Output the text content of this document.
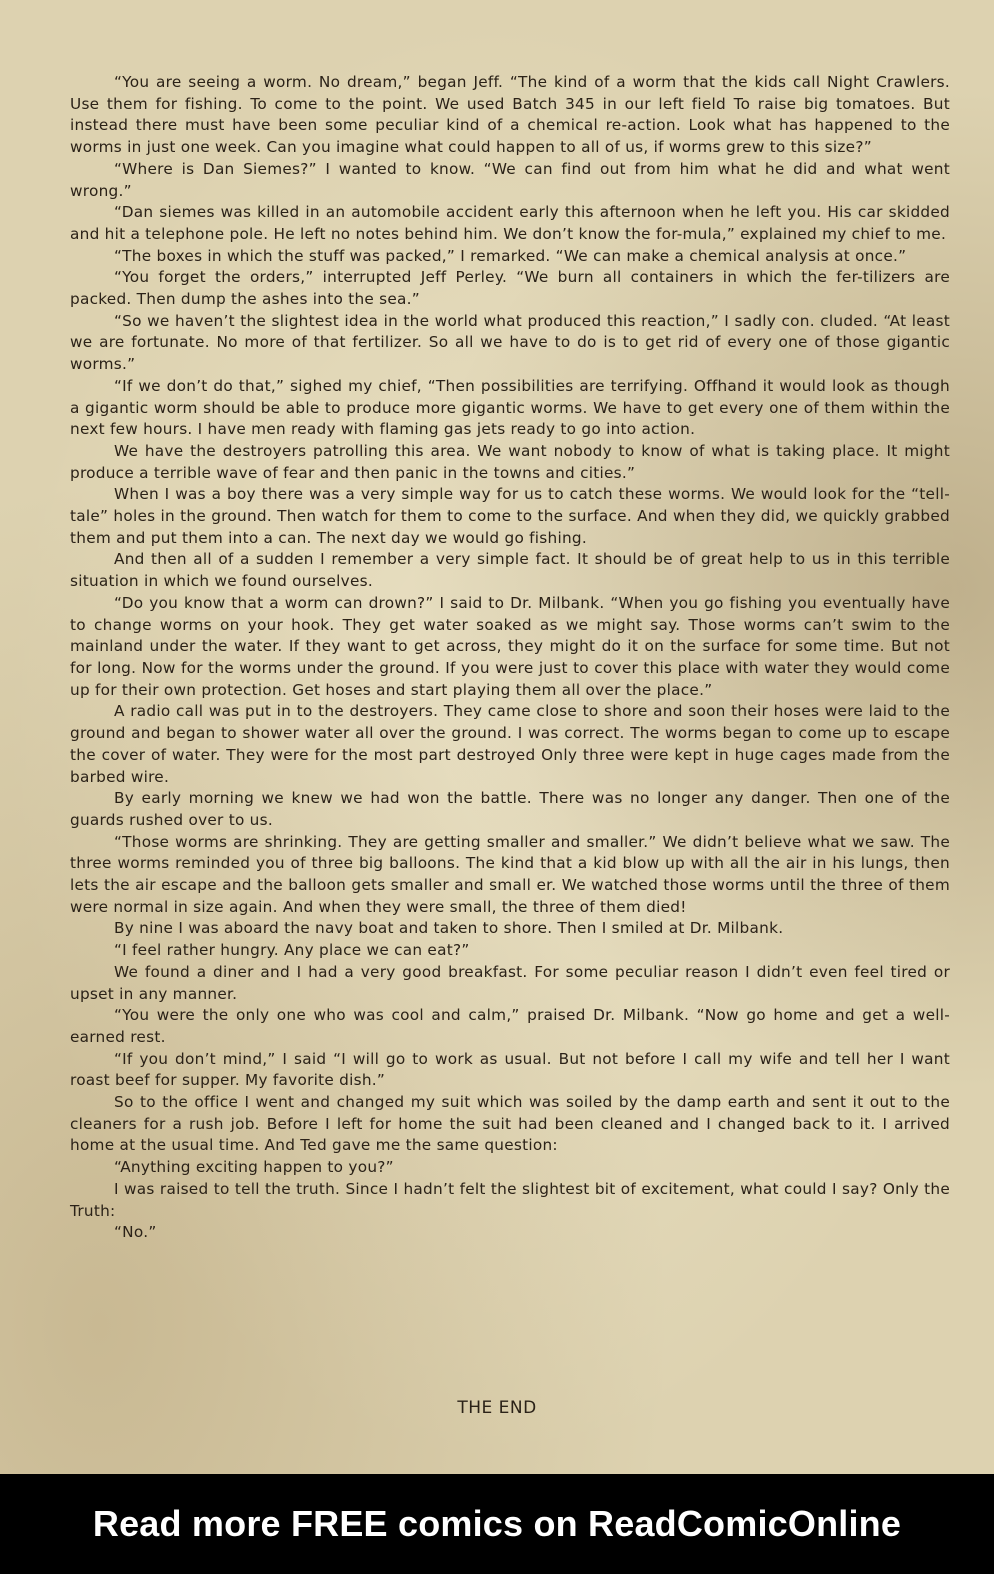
“You are seeing a worm. No dream,” began Jeff. “The kind of a worm that the kids call Night Crawlers. Use them for fishing. To come to the point. We used Batch 345 in our left field To raise big tomatoes. But instead there must have been some peculiar kind of a chemical re-action. Look what has happened to the worms in just one week. Can you imagine what could happen to all of us, if worms grew to this size?”

“Where is Dan Siemes?” I wanted to know. “We can find out from him what he did and what went wrong.”

“Dan siemes was killed in an automobile accident early this afternoon when he left you. His car skidded and hit a telephone pole. He left no notes behind him. We don’t know the for-mula,” explained my chief to me.

“The boxes in which the stuff was packed,” I remarked. “We can make a chemical analysis at once.”

“You forget the orders,” interrupted Jeff Perley. “We burn all containers in which the fer-tilizers are packed. Then dump the ashes into the sea.”

“So we haven’t the slightest idea in the world what produced this reaction,” I sadly con. cluded. “At least we are fortunate. No more of that fertilizer. So all we have to do is to get rid of every one of those gigantic worms.”

“If we don’t do that,” sighed my chief, “Then possibilities are terrifying. Offhand it would look as though a gigantic worm should be able to produce more gigantic worms. We have to get every one of them within the next few hours. I have men ready with flaming gas jets ready to go into action.

We have the destroyers patrolling this area. We want nobody to know of what is taking place. It might produce a terrible wave of fear and then panic in the towns and cities.”

When I was a boy there was a very simple way for us to catch these worms. We would look for the “tell-tale” holes in the ground. Then watch for them to come to the surface. And when they did, we quickly grabbed them and put them into a can. The next day we would go fishing.

And then all of a sudden I remember a very simple fact. It should be of great help to us in this terrible situation in which we found ourselves.

“Do you know that a worm can drown?” I said to Dr. Milbank. “When you go fishing you eventually have to change worms on your hook. They get water soaked as we might say. Those worms can’t swim to the mainland under the water. If they want to get across, they might do it on the surface for some time. But not for long. Now for the worms under the ground. If you were just to cover this place with water they would come up for their own protection. Get hoses and start playing them all over the place.”

A radio call was put in to the destroyers. They came close to shore and soon their hoses were laid to the ground and began to shower water all over the ground. I was correct. The worms began to come up to escape the cover of water. They were for the most part destroyed Only three were kept in huge cages made from the barbed wire.

By early morning we knew we had won the battle. There was no longer any danger. Then one of the guards rushed over to us.

“Those worms are shrinking. They are getting smaller and smaller.” We didn’t believe what we saw. The three worms reminded you of three big balloons. The kind that a kid blow up with all the air in his lungs, then lets the air escape and the balloon gets smaller and small er. We watched those worms until the three of them were normal in size again. And when they were small, the three of them died!

By nine I was aboard the navy boat and taken to shore. Then I smiled at Dr. Milbank.

“I feel rather hungry. Any place we can eat?”

We found a diner and I had a very good breakfast. For some peculiar reason I didn’t even feel tired or upset in any manner.

“You were the only one who was cool and calm,” praised Dr. Milbank. “Now go home and get a well-earned rest.

“If you don’t mind,” I said “I will go to work as usual. But not before I call my wife and tell her I want roast beef for supper. My favorite dish.”

So to the office I went and changed my suit which was soiled by the damp earth and sent it out to the cleaners for a rush job. Before I left for home the suit had been cleaned and I changed back to it. I arrived home at the usual time. And Ted gave me the same question:

“Anything exciting happen to you?”

I was raised to tell the truth. Since I hadn’t felt the slightest bit of excitement, what could I say? Only the Truth:

“No.”

THE END
Read more FREE comics on ReadComicOnline
